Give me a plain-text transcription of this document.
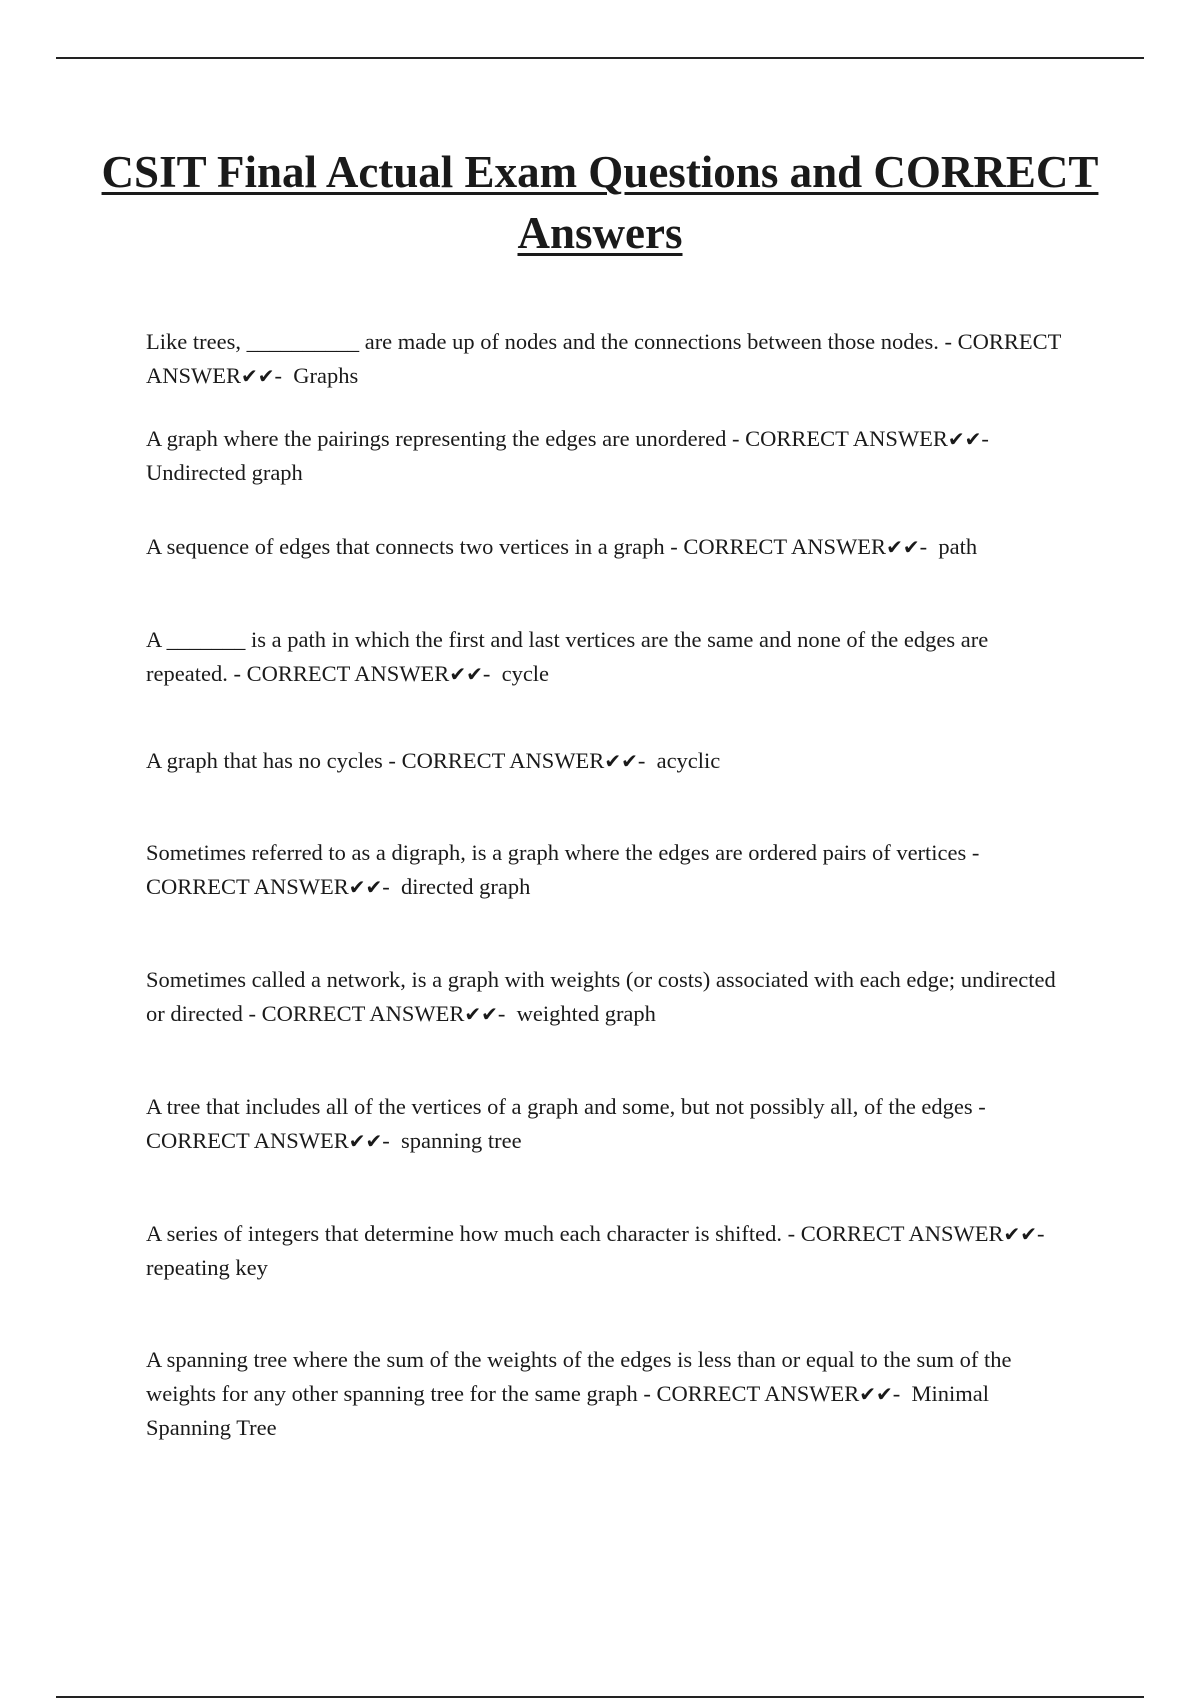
CSIT Final Actual Exam Questions and CORRECT Answers

Like trees, __________ are made up of nodes and the connections between those nodes. - CORRECT ANSWER✔✔-  Graphs

A graph where the pairings representing the edges are unordered - CORRECT ANSWER✔✔-  Undirected graph

A sequence of edges that connects two vertices in a graph - CORRECT ANSWER✔✔-  path

A _______ is a path in which the first and last vertices are the same and none of the edges are repeated. - CORRECT ANSWER✔✔-  cycle

A graph that has no cycles - CORRECT ANSWER✔✔-  acyclic

Sometimes referred to as a digraph, is a graph where the edges are ordered pairs of vertices - CORRECT ANSWER✔✔-  directed graph

Sometimes called a network, is a graph with weights (or costs) associated with each edge; undirected or directed - CORRECT ANSWER✔✔-  weighted graph

A tree that includes all of the vertices of a graph and some, but not possibly all, of the edges - CORRECT ANSWER✔✔-  spanning tree

A series of integers that determine how much each character is shifted. - CORRECT ANSWER✔✔-  repeating key

A spanning tree where the sum of the weights of the edges is less than or equal to the sum of the weights for any other spanning tree for the same graph - CORRECT ANSWER✔✔-  Minimal Spanning Tree
